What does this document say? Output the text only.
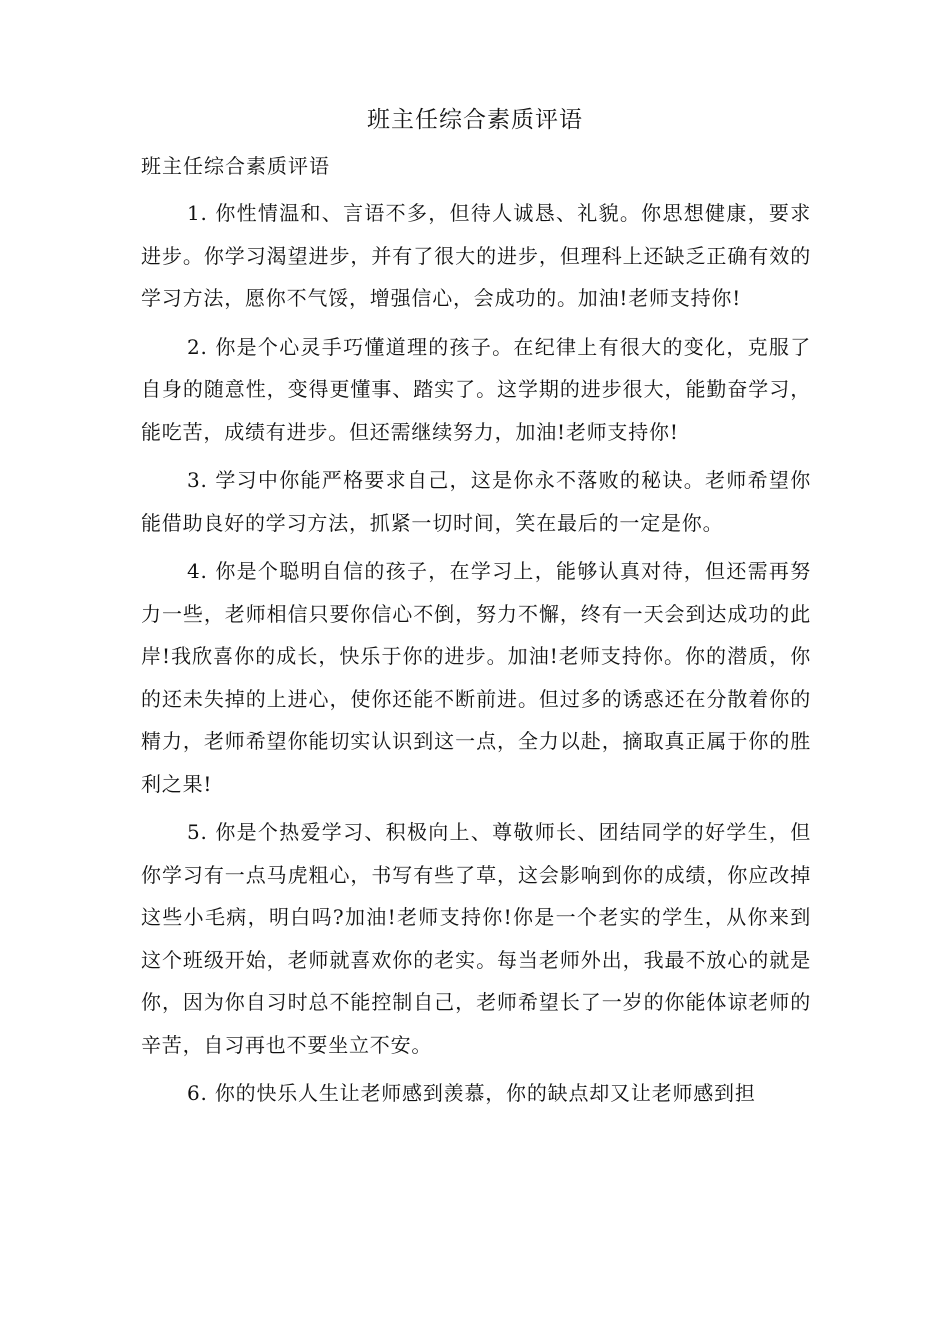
班主任综合素质评语

班主任综合素质评语

1. 你性情温和、言语不多，但待人诚恳、礼貌。你思想健康，要求进步。你学习渴望进步，并有了很大的进步，但理科上还缺乏正确有效的学习方法，愿你不气馁，增强信心，会成功的。加油!老师支持你!

2. 你是个心灵手巧懂道理的孩子。在纪律上有很大的变化，克服了自身的随意性，变得更懂事、踏实了。这学期的进步很大，能勤奋学习，能吃苦，成绩有进步。但还需继续努力，加油!老师支持你!

3. 学习中你能严格要求自己，这是你永不落败的秘诀。老师希望你能借助良好的学习方法，抓紧一切时间，笑在最后的一定是你。

4. 你是个聪明自信的孩子，在学习上，能够认真对待，但还需再努力一些，老师相信只要你信心不倒，努力不懈，终有一天会到达成功的此岸!我欣喜你的成长，快乐于你的进步。加油!老师支持你。你的潜质，你的还未失掉的上进心，使你还能不断前进。但过多的诱惑还在分散着你的精力，老师希望你能切实认识到这一点，全力以赴，摘取真正属于你的胜利之果!

5. 你是个热爱学习、积极向上、尊敬师长、团结同学的好学生，但你学习有一点马虎粗心，书写有些了草，这会影响到你的成绩，你应改掉这些小毛病，明白吗?加油!老师支持你!你是一个老实的学生，从你来到这个班级开始，老师就喜欢你的老实。每当老师外出，我最不放心的就是你，因为你自习时总不能控制自己，老师希望长了一岁的你能体谅老师的辛苦，自习再也不要坐立不安。

6. 你的快乐人生让老师感到羡慕，你的缺点却又让老师感到担
